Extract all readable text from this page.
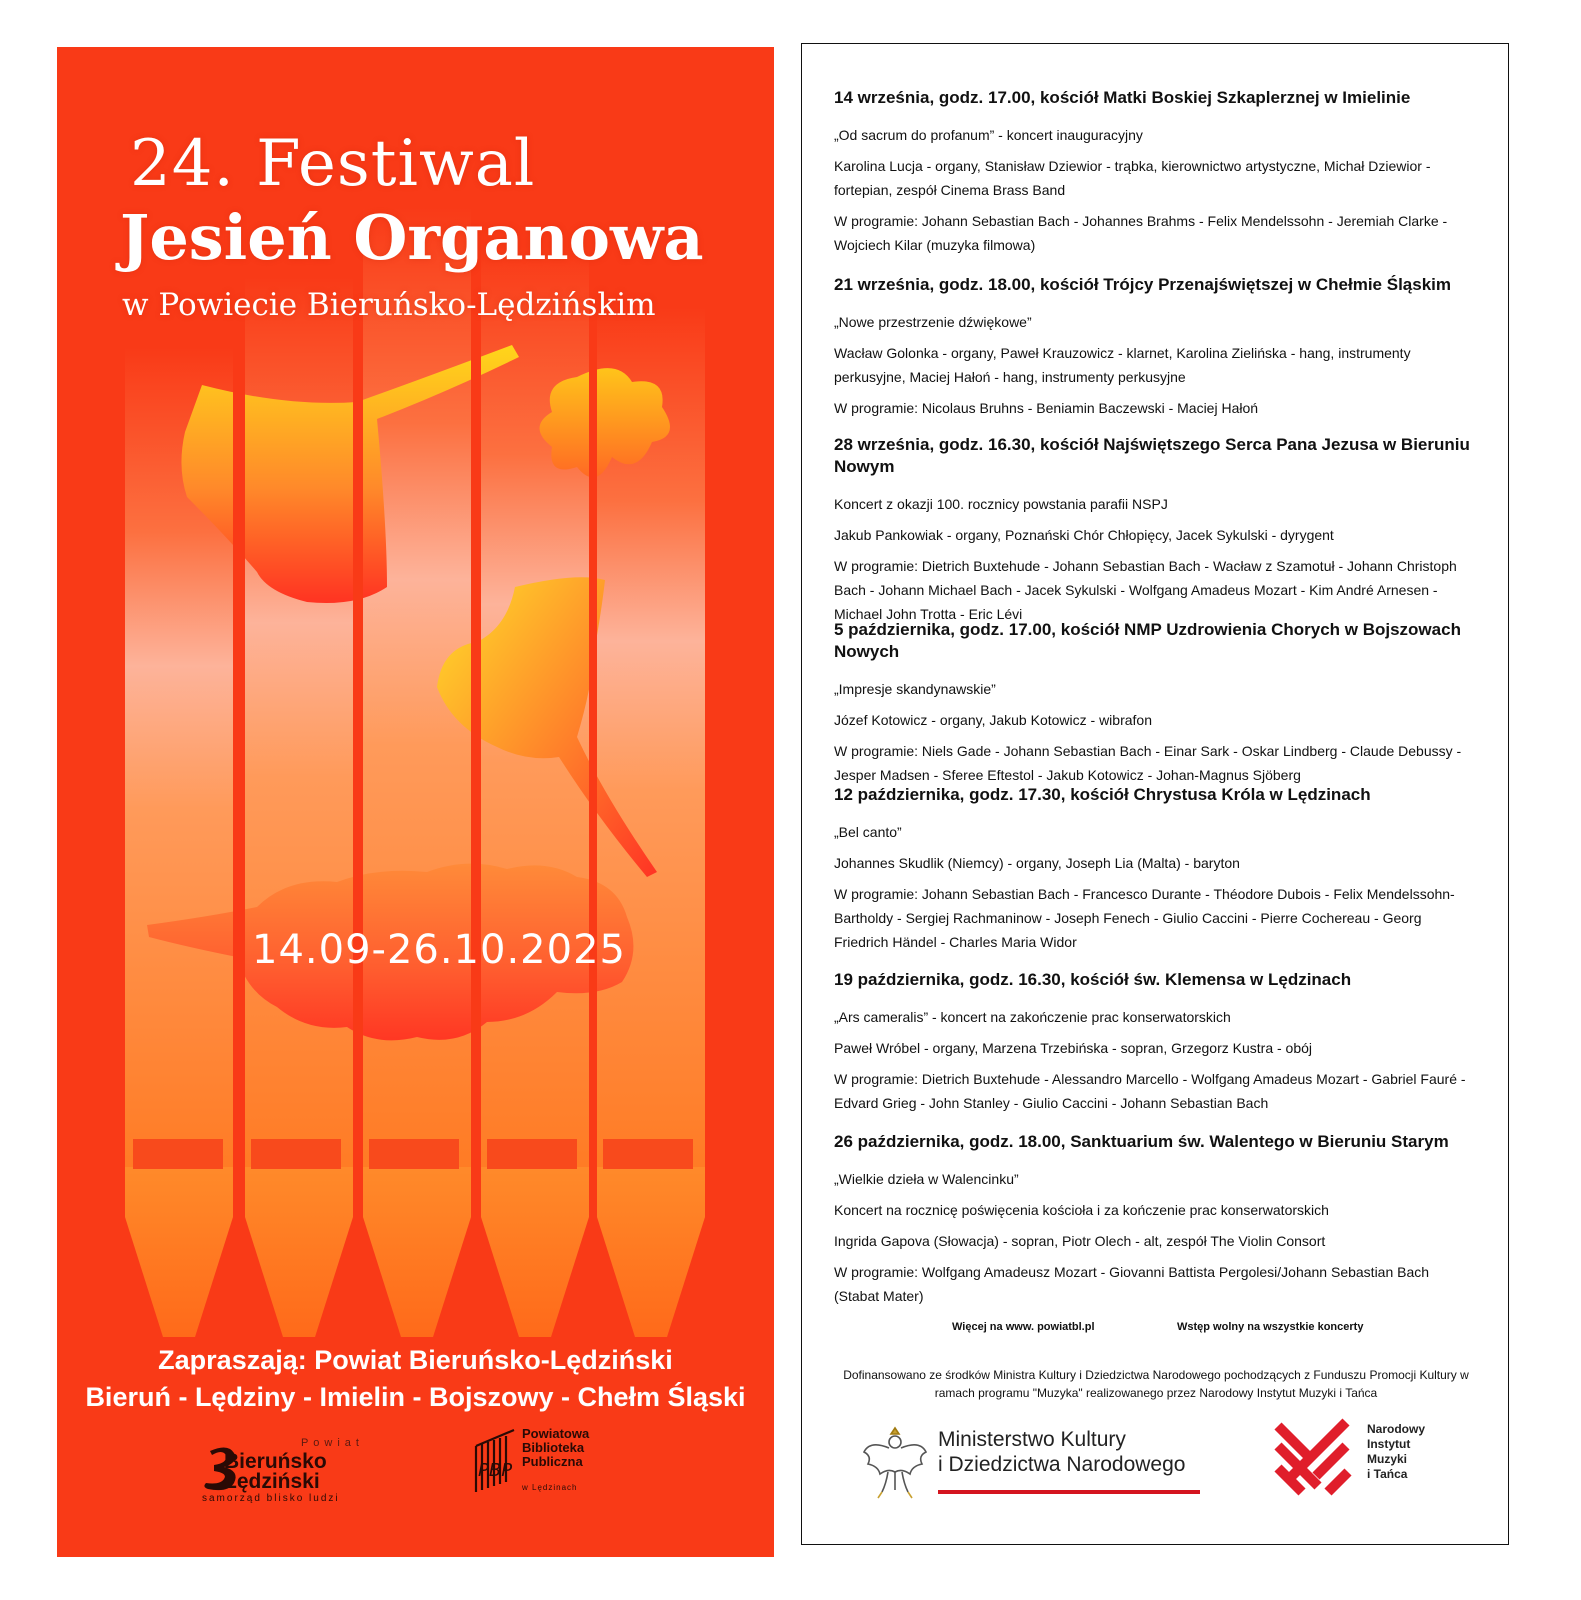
24. Festiwal
Jesień Organowa
w Powiecie Bieruńsko-Lędzińskim
14.09-26.10.2025
Zapraszają: Powiat Bieruńsko-Lędziński
Bieruń - Lędziny - Imielin - Bojszowy - Chełm Śląski
Powiat
Bieruńsko
Lędziński
samorząd blisko ludzi
PBP
Powiatowa
Biblioteka
Publiczna
w Lędzinach
14 września, godz. 17.00, kościół Matki Boskiej Szkaplerznej w Imielinie

„Od sacrum do profanum” - koncert inauguracyjny

Karolina Lucja - organy, Stanisław Dziewior - trąbka, kierownictwo artystyczne, Michał Dziewior - fortepian, zespół Cinema Brass Band

W programie: Johann Sebastian Bach - Johannes Brahms - Felix Mendelssohn - Jeremiah Clarke - Wojciech Kilar (muzyka filmowa)

21 września, godz. 18.00, kościół Trójcy Przenajświętszej w Chełmie Śląskim

„Nowe przestrzenie dźwiękowe”

Wacław Golonka - organy, Paweł Krauzowicz - klarnet, Karolina Zielińska - hang, instrumenty perkusyjne, Maciej Hałoń - hang, instrumenty perkusyjne

W programie: Nicolaus Bruhns - Beniamin Baczewski - Maciej Hałoń

28 września, godz. 16.30, kościół Najświętszego Serca Pana Jezusa w Bieruniu Nowym

Koncert z okazji 100. rocznicy powstania parafii NSPJ

Jakub Pankowiak - organy, Poznański Chór Chłopięcy, Jacek Sykulski - dyrygent

W programie: Dietrich Buxtehude - Johann Sebastian Bach - Wacław z Szamotuł - Johann Christoph Bach - Johann Michael Bach - Jacek Sykulski - Wolfgang Amadeus Mozart - Kim André Arnesen - Michael John Trotta - Eric Lévi

5 października, godz. 17.00, kościół NMP Uzdrowienia Chorych w Bojszowach Nowych

„Impresje skandynawskie”

Józef Kotowicz - organy, Jakub Kotowicz - wibrafon

W programie: Niels Gade - Johann Sebastian Bach - Einar Sark - Oskar Lindberg - Claude Debussy - Jesper Madsen - Sferee Eftestol - Jakub Kotowicz - Johan-Magnus Sjöberg

12 października, godz. 17.30, kościół Chrystusa Króla w Lędzinach

„Bel canto”

Johannes Skudlik (Niemcy) - organy, Joseph Lia (Malta) - baryton

W programie: Johann Sebastian Bach - Francesco Durante - Théodore Dubois - Felix Mendelssohn-Bartholdy - Sergiej Rachmaninow - Joseph Fenech - Giulio Caccini - Pierre Cochereau - Georg Friedrich Händel - Charles Maria Widor

19 października, godz. 16.30, kościół św. Klemensa w Lędzinach

„Ars cameralis” - koncert na zakończenie prac konserwatorskich

Paweł Wróbel - organy, Marzena Trzebińska - sopran, Grzegorz Kustra - obój

W programie: Dietrich Buxtehude - Alessandro Marcello - Wolfgang Amadeus Mozart - Gabriel Fauré - Edvard Grieg - John Stanley - Giulio Caccini - Johann Sebastian Bach

26 października, godz. 18.00, Sanktuarium św. Walentego w Bieruniu Starym

„Wielkie dzieła w Walencinku”

Koncert na rocznicę poświęcenia kościoła i za kończenie prac konserwatorskich

Ingrida Gapova (Słowacja) - sopran, Piotr Olech - alt, zespół The Violin Consort

W programie: Wolfgang Amadeusz Mozart - Giovanni Battista Pergolesi/Johann Sebastian Bach (Stabat Mater)

Więcej na www. powiatbl.pl	Wstęp wolny na wszystkie koncerty
Dofinansowano ze środków Ministra Kultury i Dziedzictwa Narodowego pochodzących z Funduszu Promocji Kultury w ramach programu "Muzyka" realizowanego przez Narodowy Instytut Muzyki i Tańca
Ministerstwo Kultury
i Dziedzictwa Narodowego
Narodowy
Instytut
Muzyki
i Tańca
